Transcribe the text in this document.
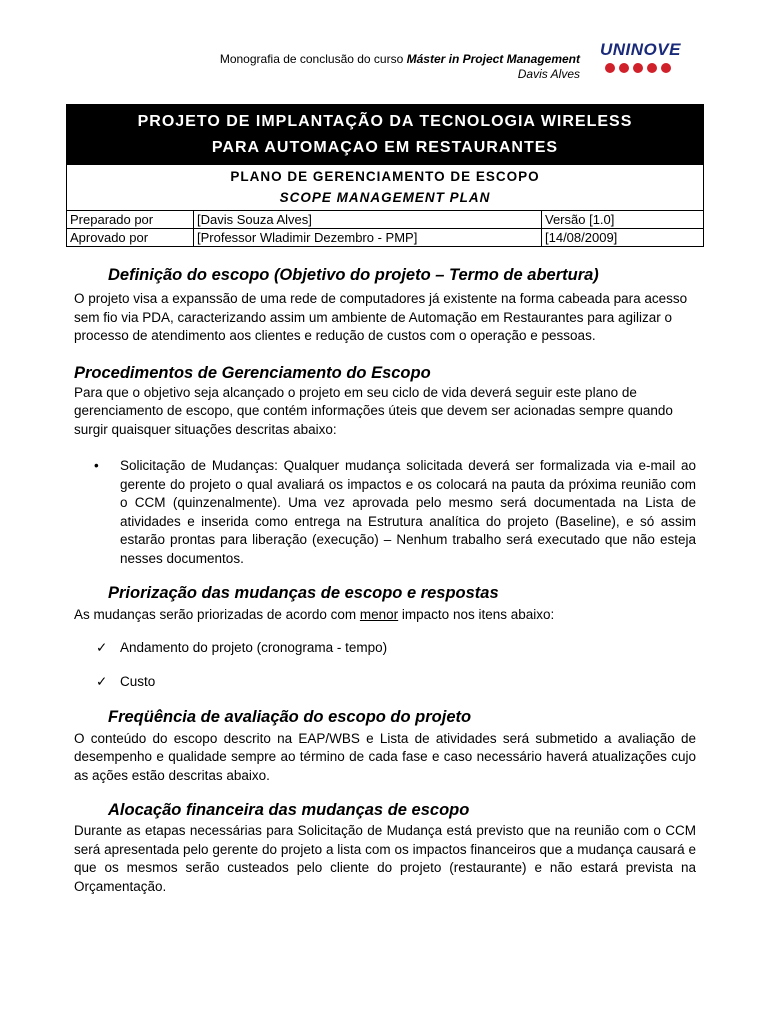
Monografia de conclusão do curso Máster in Project Management
Davis Alves
UNINOVE
PROJETO DE IMPLANTAÇÃO DA TECNOLOGIA WIRELESS
PARA AUTOMAÇAO EM RESTAURANTES
PLANO DE GERENCIAMENTO DE ESCOPO
SCOPE MANAGEMENT PLAN
Preparado por	[Davis Souza Alves]	Versão [1.0]
Aprovado por	[Professor Wladimir Dezembro - PMP]	[14/08/2009]
Definição do escopo (Objetivo do projeto – Termo de abertura)

O projeto visa a expanssão de uma rede de computadores já existente na forma cabeada para acesso sem fio via PDA, caracterizando assim um ambiente de Automação em Restaurantes para agilizar o processo de atendimento aos clientes e redução de custos com o operação e pessoas.

Procedimentos de Gerenciamento do Escopo

Para que o objetivo seja alcançado o projeto em seu ciclo de vida deverá seguir este plano de gerenciamento de escopo, que contém informações úteis que devem ser acionadas sempre quando surgir quaisquer situações descritas abaixo:

•	Solicitação de Mudanças: Qualquer mudança solicitada deverá ser formalizada via e-mail ao gerente do projeto o qual avaliará os impactos e os colocará na pauta da próxima reunião com o CCM (quinzenalmente). Uma vez aprovada pelo mesmo será documentada na Lista de atividades e inserida como entrega na Estrutura analítica do projeto (Baseline), e só assim estarão prontas para liberação (execução) – Nenhum trabalho será executado que não esteja nesses documentos.
Priorização das mudanças de escopo e respostas

As mudanças serão priorizadas de acordo com menor impacto nos itens abaixo:

✓ Andamento do projeto (cronograma - tempo)
✓ Custo
Freqüência de avaliação do escopo do projeto

O conteúdo do escopo descrito na EAP/WBS e Lista de atividades será submetido a avaliação de desempenho e qualidade sempre ao término de cada fase e caso necessário haverá atualizações cujo as ações estão descritas abaixo.

Alocação financeira das mudanças de escopo

Durante as etapas necessárias para Solicitação de Mudança está previsto que na reunião com o CCM será apresentada pelo gerente do projeto a lista com os impactos financeiros que a mudança causará e que os mesmos serão custeados pelo cliente do projeto (restaurante) e não estará prevista na Orçamentação.
